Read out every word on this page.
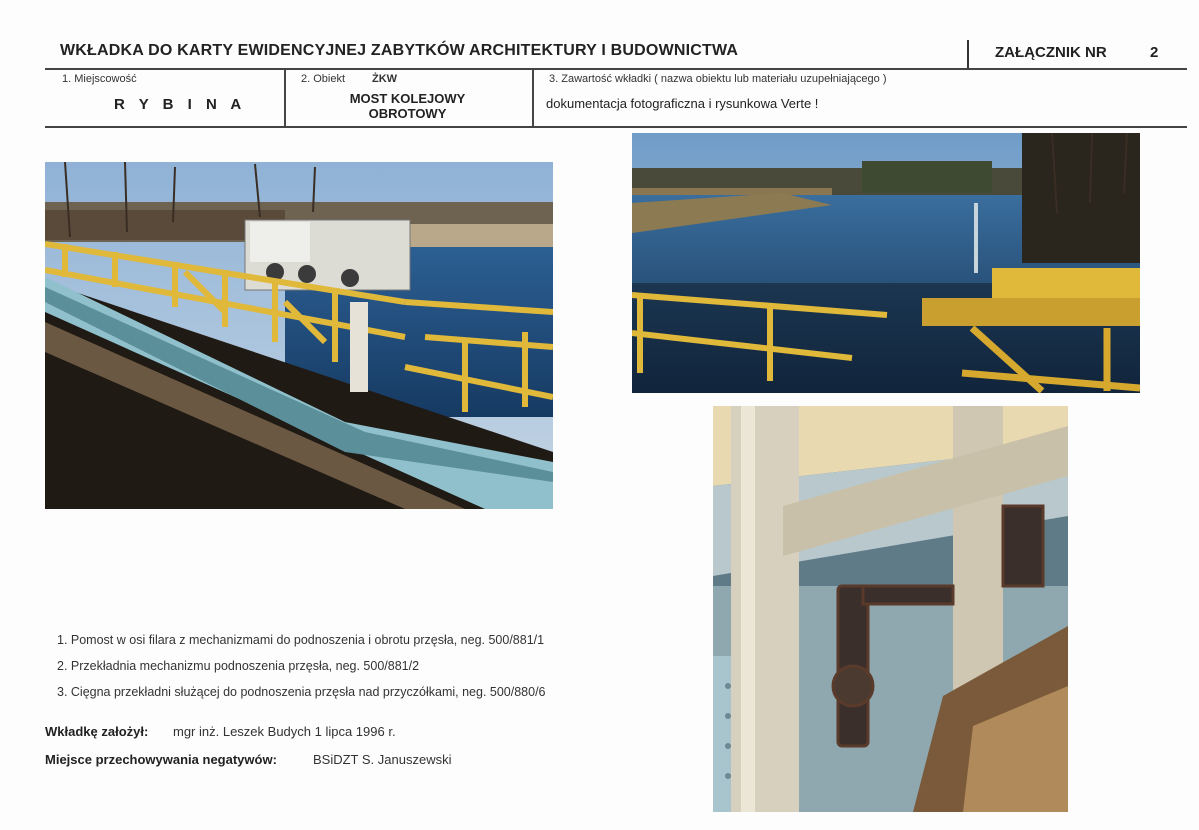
WKŁADKA DO KARTY EWIDENCYJNEJ ZABYTKÓW ARCHITEKTURY I BUDOWNICTWA	ZAŁĄCZNIK NR	2
1. Miejscowość
R Y B I N A
2. Obiekt ŻKW
MOST KOLEJOWY OBROTOWY
3. Zawartość wkładki ( nazwa obiektu lub materiału uzupełniającego )
dokumentacja fotograficzna i rysunkowa Verte !
1. Pomost w osi filara z mechanizmami do podnoszenia i obrotu przęsła, neg. 500/881/1
2. Przekładnia mechanizmu podnoszenia przęsła, neg. 500/881/2
3. Cięgna przekładni służącej do podnoszenia przęsła nad przyczółkami, neg. 500/880/6
Wkładkę założył: mgr inż. Leszek Budych 1 lipca 1996 r.
Miejsce przechowywania negatywów:	BSiDZT S. Januszewski
